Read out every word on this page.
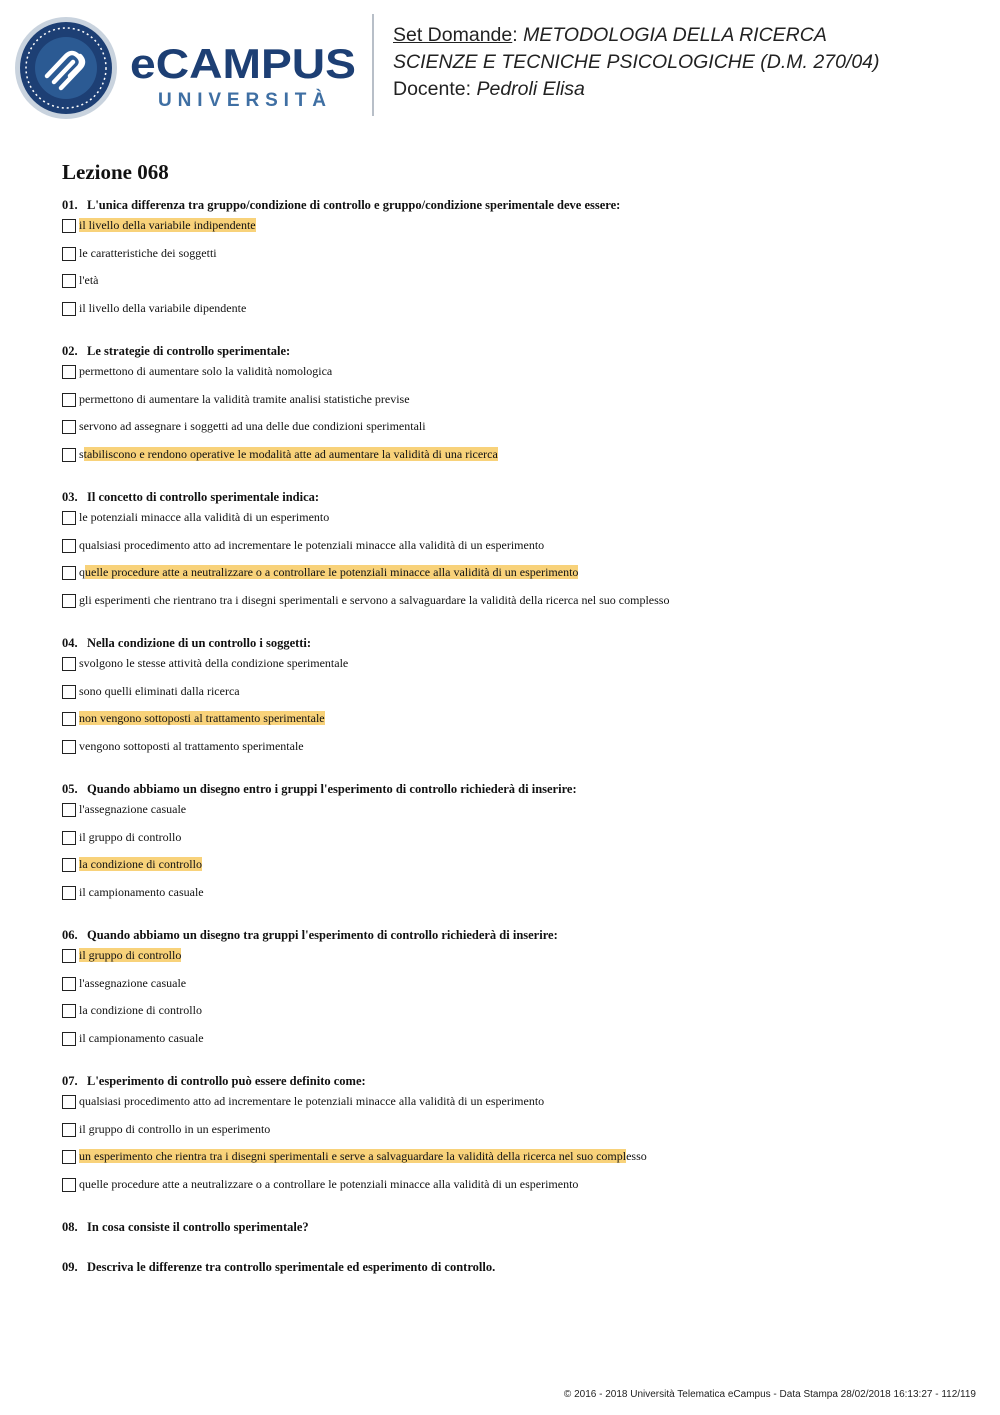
eCAMPUS
UNIVERSITÀ
Set Domande: METODOLOGIA DELLA RICERCA
SCIENZE E TECNICHE PSICOLOGICHE (D.M. 270/04)
Docente: Pedroli Elisa
Lezione 068
01. L'unica differenza tra gruppo/condizione di controllo e gruppo/condizione sperimentale deve essere:
il livello della variabile indipendente
le caratteristiche dei soggetti
l'età
il livello della variabile dipendente
02. Le strategie di controllo sperimentale:
permettono di aumentare solo la validità nomologica
permettono di aumentare la validità tramite analisi statistiche previse
servono ad assegnare i soggetti ad una delle due condizioni sperimentali
stabiliscono e rendono operative le modalità atte ad aumentare la validità di una ricerca
03. Il concetto di controllo sperimentale indica:
le potenziali minacce alla validità di un esperimento
qualsiasi procedimento atto ad incrementare le potenziali minacce alla validità di un esperimento
quelle procedure atte a neutralizzare o a controllare le potenziali minacce alla validità di un esperimento
gli esperimenti che rientrano tra i disegni sperimentali e servono a salvaguardare la validità della ricerca nel suo complesso
04. Nella condizione di un controllo i soggetti:
svolgono le stesse attività della condizione sperimentale
sono quelli eliminati dalla ricerca
non vengono sottoposti al trattamento sperimentale
vengono sottoposti al trattamento sperimentale
05. Quando abbiamo un disegno entro i gruppi l'esperimento di controllo richiederà di inserire:
l'assegnazione casuale
il gruppo di controllo
la condizione di controllo
il campionamento casuale
06. Quando abbiamo un disegno tra gruppi l'esperimento di controllo richiederà di inserire:
il gruppo di controllo
l'assegnazione casuale
la condizione di controllo
il campionamento casuale
07. L'esperimento di controllo può essere definito come:
qualsiasi procedimento atto ad incrementare le potenziali minacce alla validità di un esperimento
il gruppo di controllo in un esperimento
un esperimento che rientra tra i disegni sperimentali e serve a salvaguardare la validità della ricerca nel suo complesso
quelle procedure atte a neutralizzare o a controllare le potenziali minacce alla validità di un esperimento
08. In cosa consiste il controllo sperimentale?
09. Descriva le differenze tra controllo sperimentale ed esperimento di controllo.
© 2016 - 2018 Università Telematica eCampus - Data Stampa 28/02/2018 16:13:27 - 112/119
